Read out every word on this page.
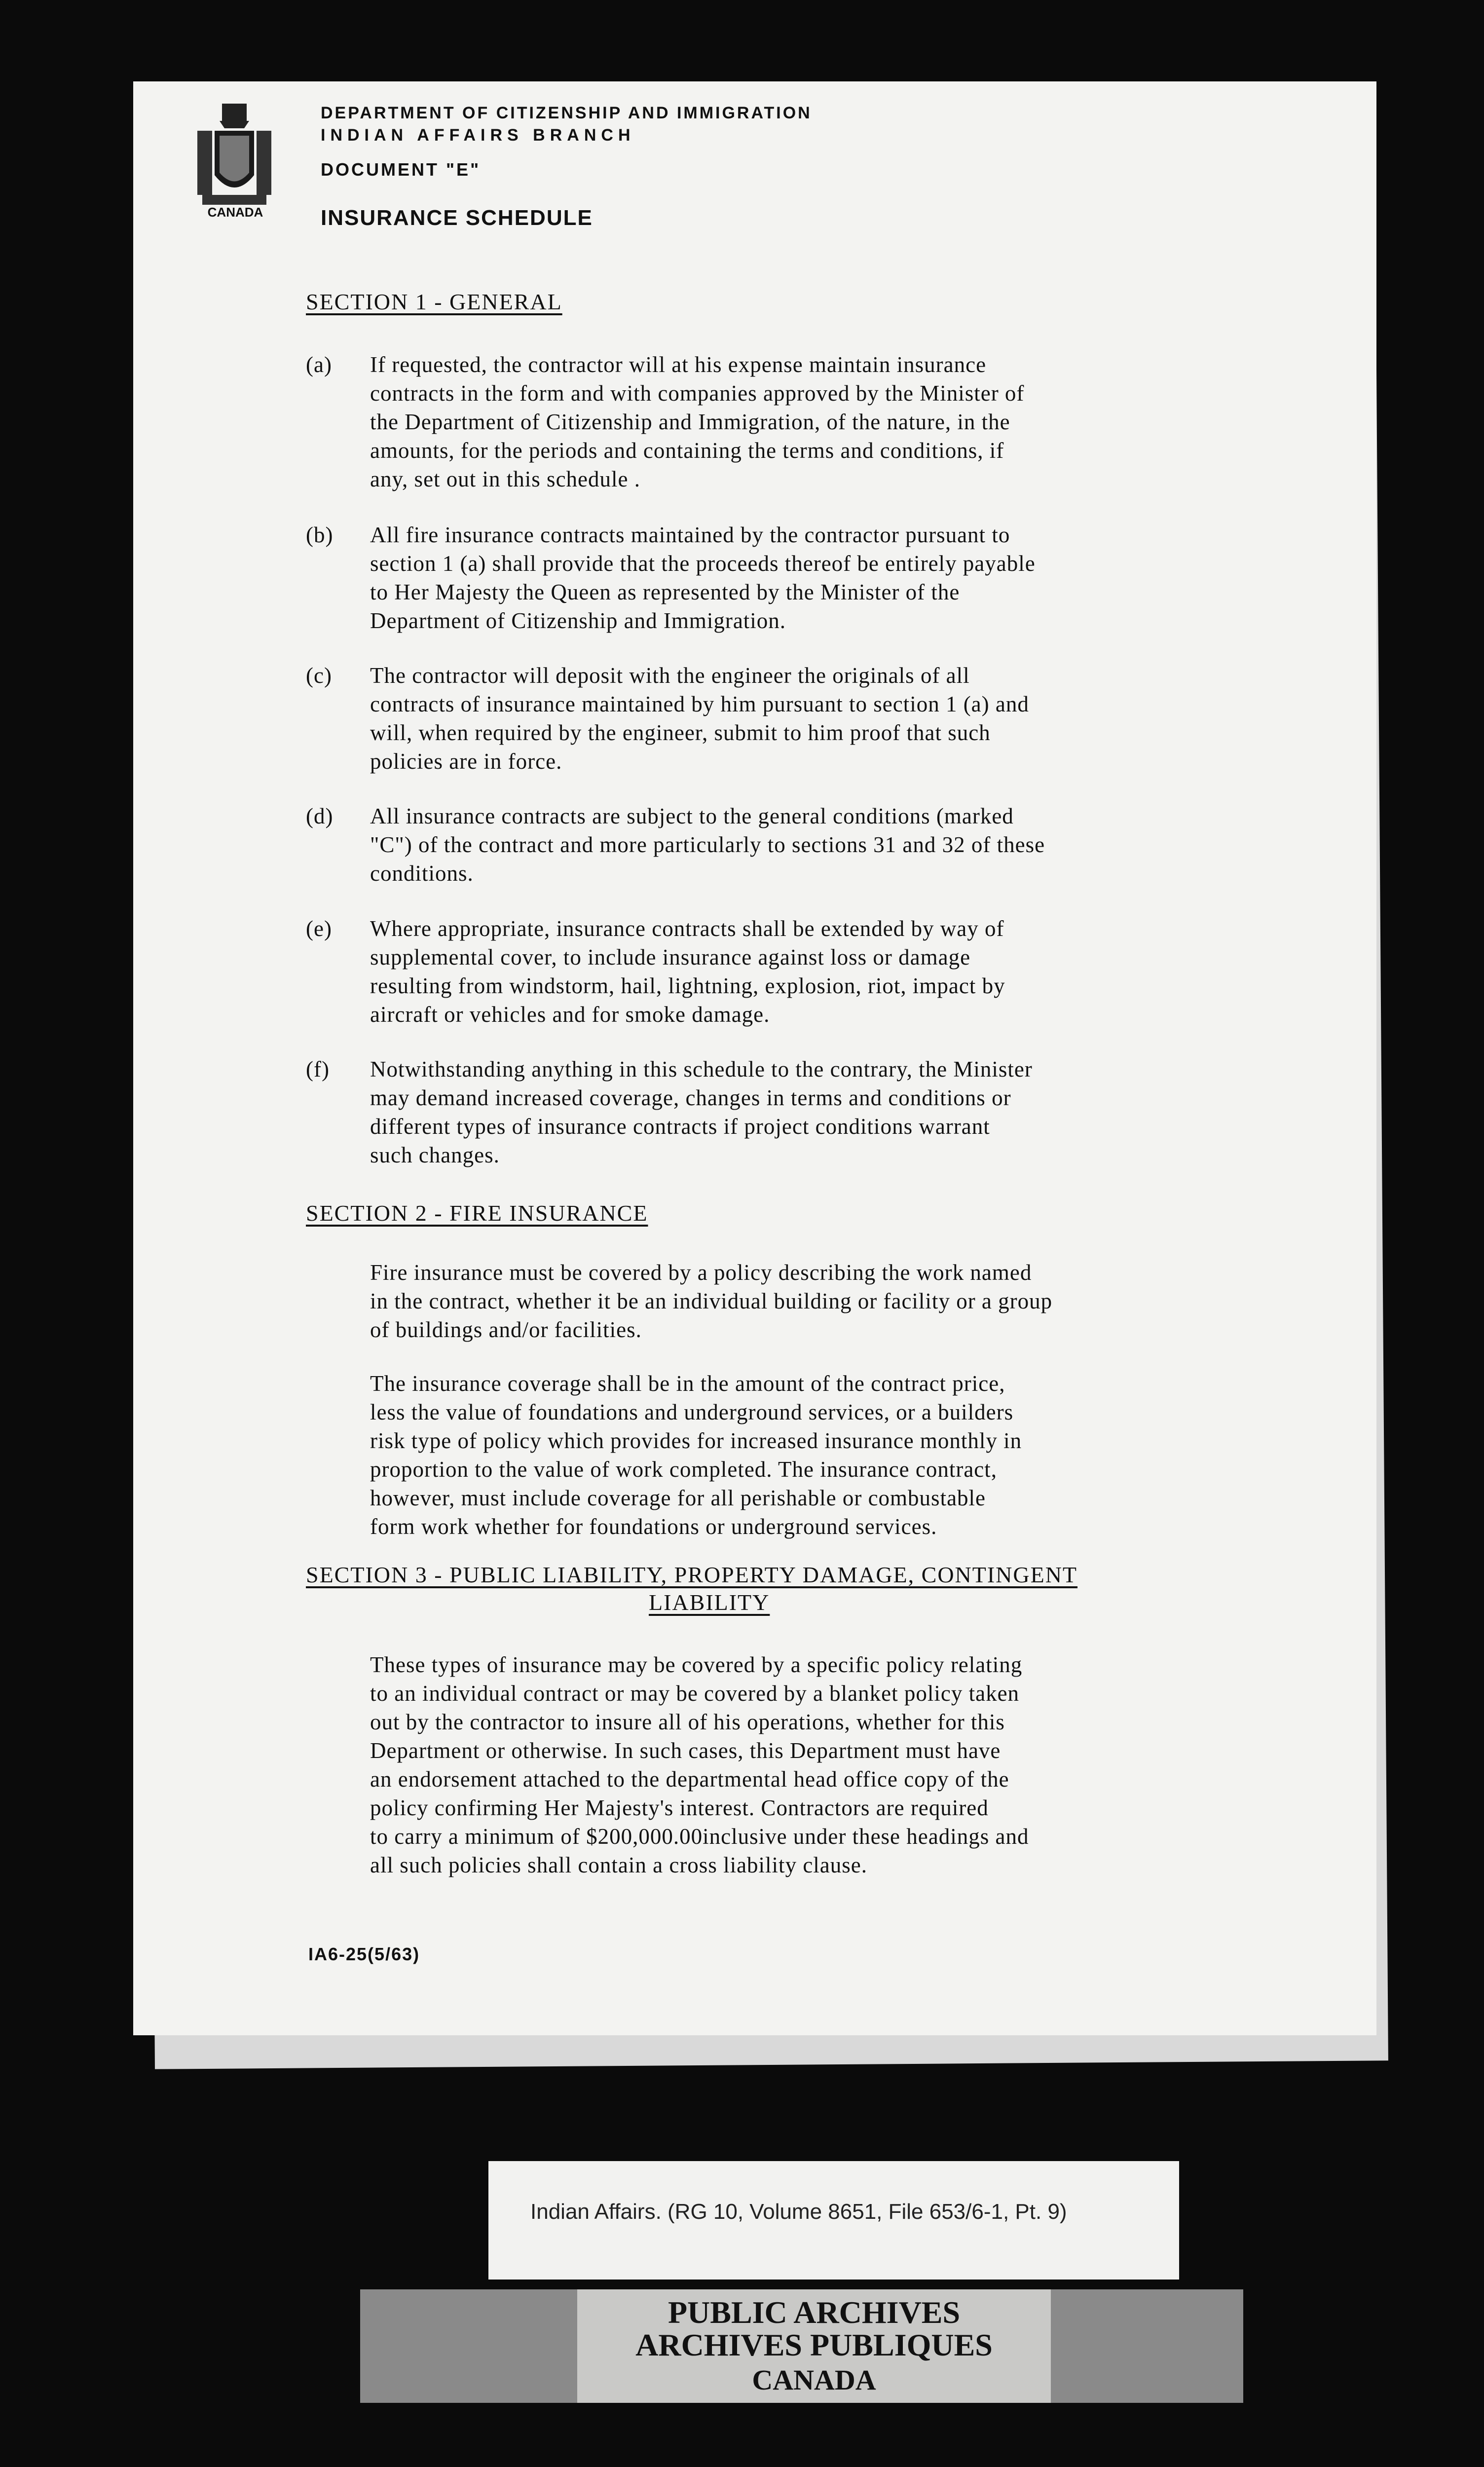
CANADA
DEPARTMENT OF CITIZENSHIP AND IMMIGRATION
INDIAN AFFAIRS BRANCH
DOCUMENT "E"
INSURANCE SCHEDULE
SECTION 1 - GENERAL
(a)	If requested, the contractor will at his expense maintain insurance
contracts in the form and with companies approved by the Minister of
the Department of Citizenship and Immigration, of the nature, in the
amounts, for the periods and containing the terms and conditions, if
any, set out in this schedule .
(b)	All fire insurance contracts maintained by the contractor pursuant to
section 1 (a) shall provide that the proceeds thereof be entirely payable
to Her Majesty the Queen as represented by the Minister of the
Department of Citizenship and Immigration.
(c)	The contractor will deposit with the engineer the originals of all
contracts of insurance maintained by him pursuant to section 1 (a) and
will, when required by the engineer, submit to him proof that such
policies are in force.
(d)	All insurance contracts are subject to the general conditions (marked
"C") of the contract and more particularly to sections 31 and 32 of these
conditions.
(e)	Where appropriate, insurance contracts shall be extended by way of
supplemental cover, to include insurance against loss or damage
resulting from windstorm, hail, lightning, explosion, riot, impact by
aircraft or vehicles and for smoke damage.
(f)	Notwithstanding anything in this schedule to the contrary, the Minister
may demand increased coverage, changes in terms and conditions or
different types of insurance contracts if project conditions warrant
such changes.
SECTION 2 - FIRE INSURANCE
Fire insurance must be covered by a policy describing the work named
in the contract, whether it be an individual building or facility or a group
of buildings and/or facilities.
The insurance coverage shall be in the amount of the contract price,
less the value of foundations and underground services, or a builders
risk type of policy which provides for increased insurance monthly in
proportion to the value of work completed. The insurance contract,
however, must include coverage for all perishable or combustable
form work whether for foundations or underground services.
SECTION 3 - PUBLIC LIABILITY, PROPERTY DAMAGE, CONTINGENT
LIABILITY
These types of insurance may be covered by a specific policy relating
to an individual contract or may be covered by a blanket policy taken
out by the contractor to insure all of his operations, whether for this
Department or otherwise. In such cases, this Department must have
an endorsement attached to the departmental head office copy of the
policy confirming Her Majesty's interest. Contractors are required
to carry a minimum of $200,000.00inclusive under these headings and
all such policies shall contain a cross liability clause.
IA6-25(5/63)
Indian Affairs. (RG 10, Volume 8651, File 653/6-1, Pt. 9)
PUBLIC ARCHIVES
ARCHIVES PUBLIQUES
CANADA
